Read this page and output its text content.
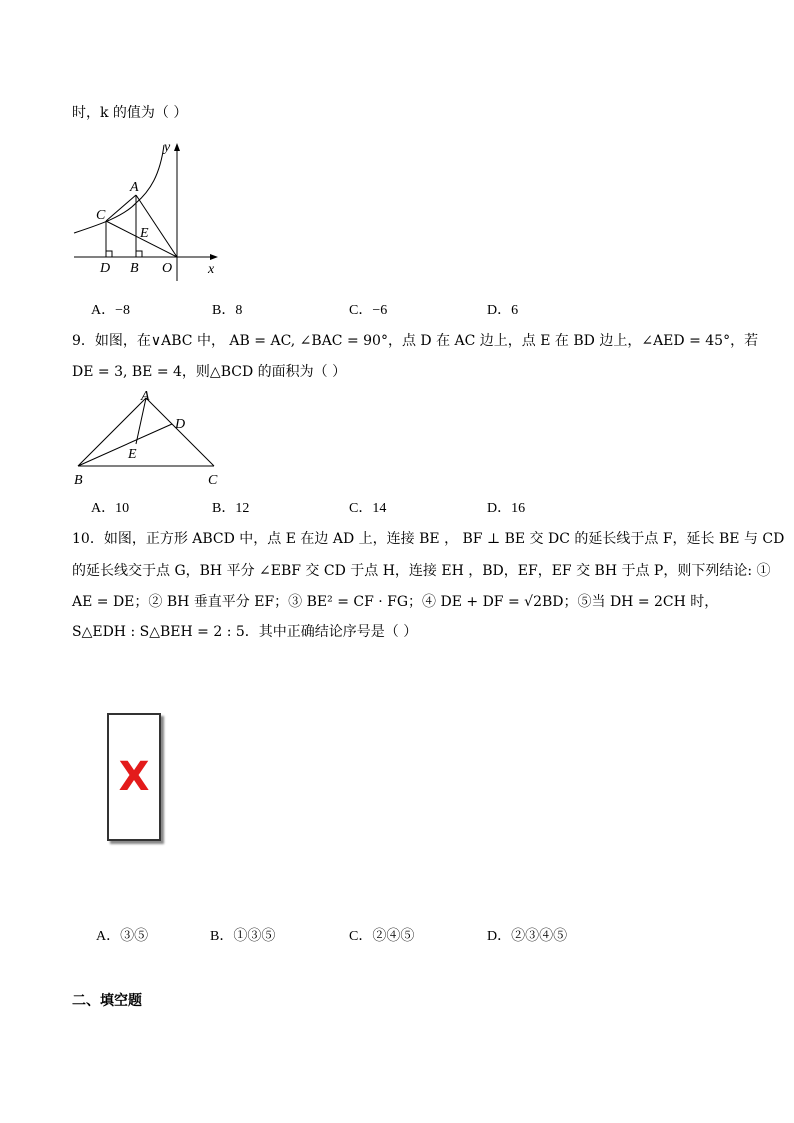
时，k 的值为（ ）
y
x
A
C
E
D B O
A．−8	B．8	C．−6	D．6
9．如图，在∨ABC 中， AB = AC, ∠BAC = 90°，点 D 在 AC 边上，点 E 在 BD 边上，∠AED = 45°，若
DE = 3, BE = 4，则△BCD 的面积为（ ）
A
D
E
B	C
A．10	B．12	C．14	D．16
10．如图，正方形 ABCD 中，点 E 在边 AD 上，连接 BE ， BF ⊥ BE 交 DC 的延长线于点 F，延长 BE 与 CD
的延长线交于点 G，BH 平分 ∠EBF 交 CD 于点 H，连接 EH ，BD，EF，EF 交 BH 于点 P，则下列结论: ①
AE = DE；② BH 垂直平分 EF；③ BE² = CF · FG；④ DE + DF = √2BD；⑤当 DH = 2CH 时，
S△EDH : S△BEH = 2 : 5．其中正确结论序号是（ ）
X
A．③⑤	B．①③⑤	C．②④⑤	D．②③④⑤
二、填空题
